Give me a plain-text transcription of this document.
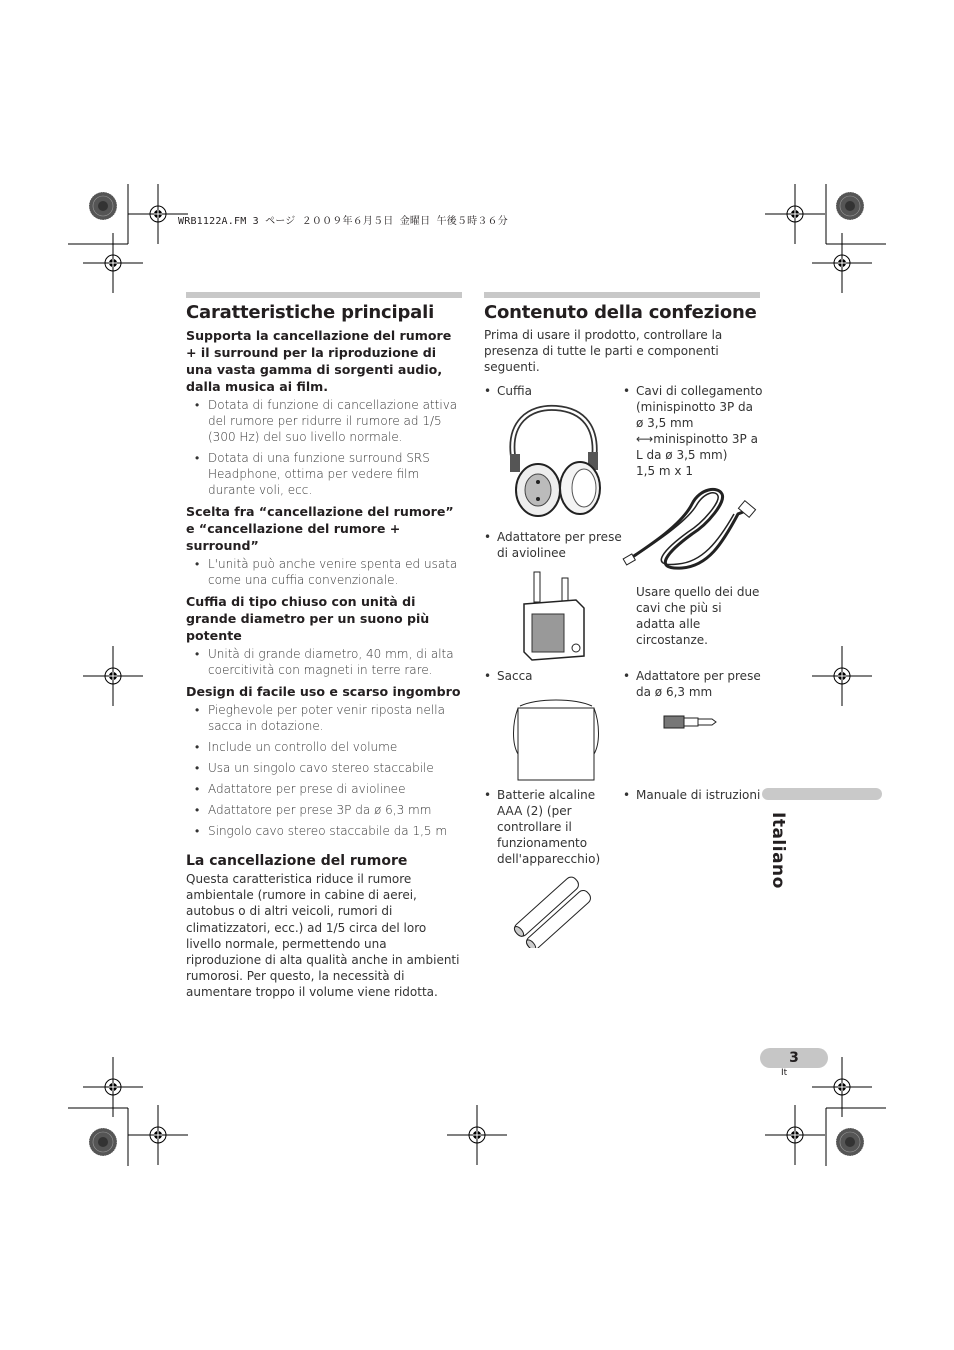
WRB1122A.FM 3 ページ ２００９年６月５日 金曜日 午後５時３６分
Caratteristiche principali
Supporta la cancellazione del rumore + il surround per la riproduzione di una vasta gamma di sorgenti audio, dalla musica ai film.
• Dotata di funzione di cancellazione attiva del rumore per ridurre il rumore ad 1/5 (300 Hz) del suo livello normale.
• Dotata di una funzione surround SRS Headphone, ottima per vedere film durante voli, ecc.
Scelta fra “cancellazione del rumore” e “cancellazione del rumore + surround”
• L'unità può anche venire spenta ed usata come una cuffia convenzionale.
Cuffia di tipo chiuso con unità di grande diametro per un suono più potente
• Unità di grande diametro, 40 mm, di alta coercitività con magneti in terre rare.
Design di facile uso e scarso ingombro
• Pieghevole per poter venir riposta nella sacca in dotazione.
• Include un controllo del volume
• Usa un singolo cavo stereo staccabile
• Adattatore per prese di aviolinee
• Adattatore per prese 3P da ø 6,3 mm
• Singolo cavo stereo staccabile da 1,5 m
La cancellazione del rumore

Questa caratteristica riduce il rumore ambientale (rumore in cabine di aerei, autobus o di altri veicoli, rumori di climatizzatori, ecc.) ad 1/5 circa del loro livello normale, permettendo una riproduzione di alta qualità anche in ambienti rumorosi. Per questo, la necessità di aumentare troppo il volume viene ridotta.

Contenuto della confezione

Prima di usare il prodotto, controllare la presenza di tutte le parti e componenti seguenti.

• Cuffia	• Cavi di collegamento (minispinotto 3P da ø 3,5 mm
⟷minispinotto 3P a L da ø 3,5 mm)
1,5 m x 1
• Adattatore per prese di aviolinee
Usare quello dei due cavi che più si adatta alle circostanze.
• Sacca	• Adattatore per prese da ø 6,3 mm
• Batterie alcaline AAA (2) (per controllare il funzionamento dell'apparecchio)
• Manuale di istruzioni
Italiano
3
It
